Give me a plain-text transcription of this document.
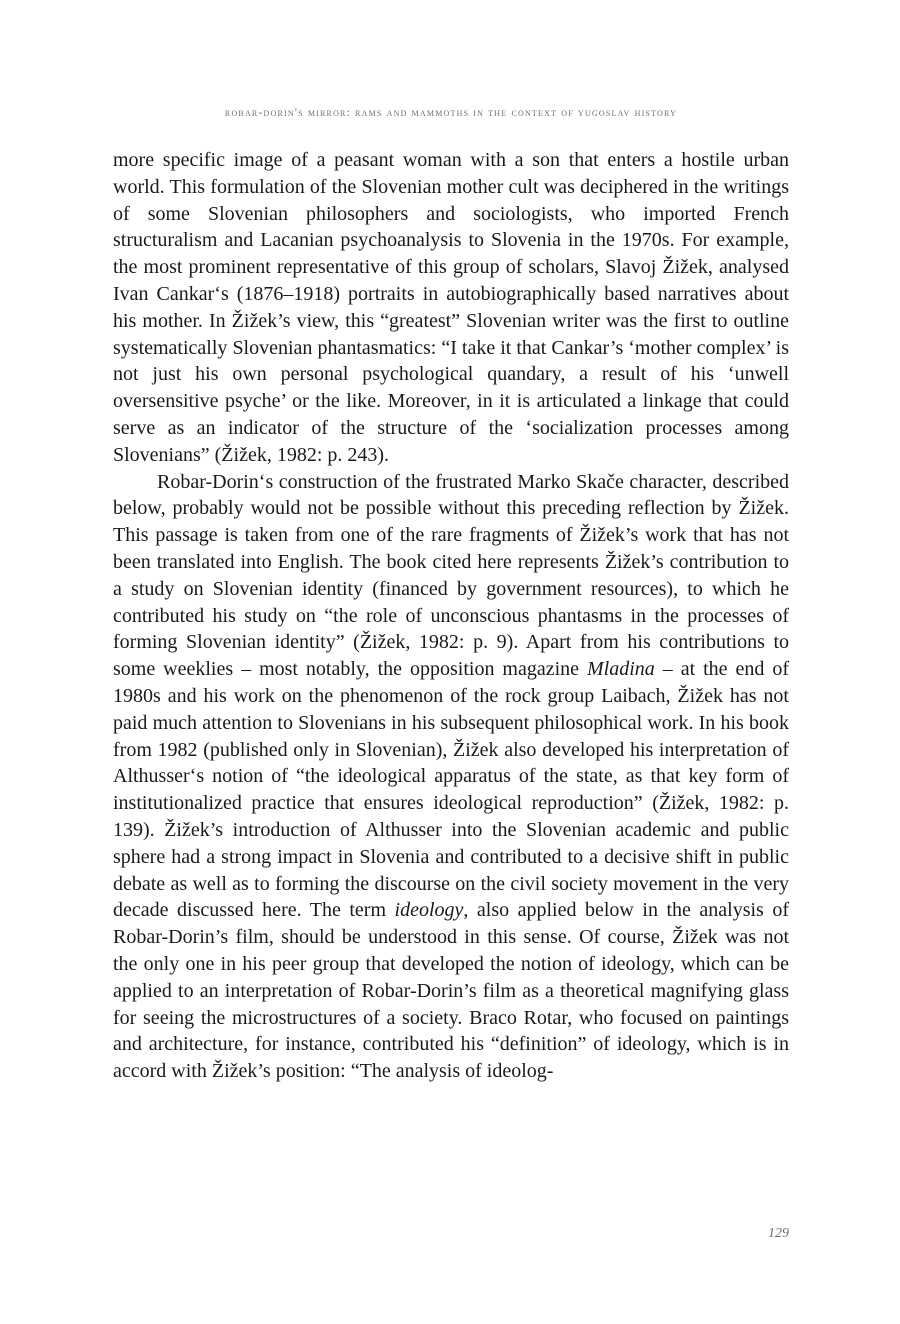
robar-dorin's mirror: rams and mammoths in the context of yugoslav history

more specific image of a peasant woman with a son that enters a hostile urban world. This formulation of the Slovenian mother cult was deciphered in the writings of some Slovenian philosophers and sociologists, who imported French structuralism and Lacanian psychoanalysis to Slovenia in the 1970s. For example, the most prominent representative of this group of scholars, Slavoj Žižek, analysed Ivan Cankar‘s (1876–1918) portraits in autobiographically based narratives about his mother. In Žižek’s view, this “greatest” Slovenian writer was the first to outline systematically Slovenian phantasmatics: “I take it that Cankar’s ‘mother complex’ is not just his own personal psychological quandary, a result of his ‘unwell oversensitive psyche’ or the like. Moreover, in it is articulated a linkage that could serve as an indicator of the structure of the ‘socialization processes among Slovenians” (Žižek, 1982: p. 243).

Robar-Dorin‘s construction of the frustrated Marko Skače character, described below, probably would not be possible without this preceding reflection by Žižek. This passage is taken from one of the rare fragments of Žižek’s work that has not been translated into English. The book cited here represents Žižek’s contribution to a study on Slovenian identity (financed by government resources), to which he contributed his study on “the role of unconscious phantasms in the processes of forming Slovenian identity” (Žižek, 1982: p. 9). Apart from his contributions to some weeklies – most notably, the opposition magazine Mladina – at the end of 1980s and his work on the phenomenon of the rock group Laibach, Žižek has not paid much attention to Slovenians in his subsequent philosophical work. In his book from 1982 (published only in Slovenian), Žižek also developed his interpretation of Althusser‘s notion of “the ideological apparatus of the state, as that key form of institutionalized practice that ensures ideological reproduction” (Žižek, 1982: p. 139). Žižek’s introduction of Althusser into the Slovenian academic and public sphere had a strong impact in Slovenia and contributed to a decisive shift in public debate as well as to forming the discourse on the civil society movement in the very decade discussed here. The term ideology, also applied below in the analysis of Robar-Dorin’s film, should be understood in this sense. Of course, Žižek was not the only one in his peer group that developed the notion of ideology, which can be applied to an interpretation of Robar-Dorin’s film as a theoretical magnifying glass for seeing the microstructures of a society. Braco Rotar, who focused on paintings and architecture, for instance, contributed his “definition” of ideology, which is in accord with Žižek’s position: “The analysis of ideolog-

129
